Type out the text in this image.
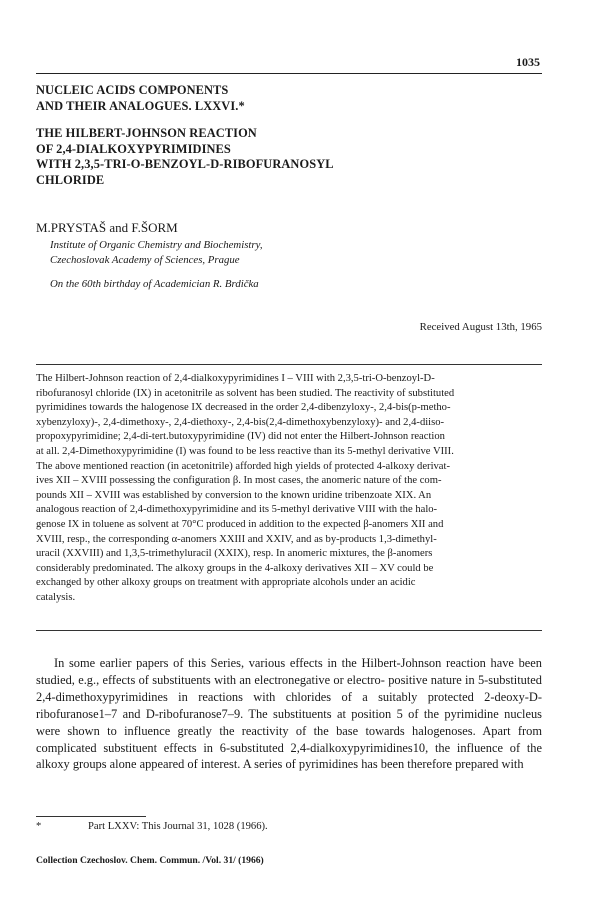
1035
NUCLEIC ACIDS COMPONENTS
AND THEIR ANALOGUES. LXXVI.*
THE HILBERT-JOHNSON REACTION
OF 2,4-DIALKOXYPYRIMIDINES
WITH 2,3,5-TRI-O-BENZOYL-D-RIBOFURANOSYL
CHLORIDE
M.PRYSTAŠ and F.ŠORM
Institute of Organic Chemistry and Biochemistry,
Czechoslovak Academy of Sciences, Prague
On the 60th birthday of Academician R. Brdička
Received August 13th, 1965
The Hilbert-Johnson reaction of 2,4-dialkoxypyrimidines I – VIII with 2,3,5-tri-O-benzoyl-D-
ribofuranosyl chloride (IX) in acetonitrile as solvent has been studied. The reactivity of substituted
pyrimidines towards the halogenose IX decreased in the order 2,4-dibenzyloxy-, 2,4-bis(p-metho-
xybenzyloxy)-, 2,4-dimethoxy-, 2,4-diethoxy-, 2,4-bis(2,4-dimethoxybenzyloxy)- and 2,4-diiso-
propoxypyrimidine; 2,4-di-tert.butoxypyrimidine (IV) did not enter the Hilbert-Johnson reaction
at all. 2,4-Dimethoxypyrimidine (I) was found to be less reactive than its 5-methyl derivative VIII.
The above mentioned reaction (in acetonitrile) afforded high yields of protected 4-alkoxy derivat-
ives XII – XVIII possessing the configuration β. In most cases, the anomeric nature of the com-
pounds XII – XVIII was established by conversion to the known uridine tribenzoate XIX. An
analogous reaction of 2,4-dimethoxypyrimidine and its 5-methyl derivative VIII with the halo-
genose IX in toluene as solvent at 70°C produced in addition to the expected β-anomers XII and
XVIII, resp., the corresponding α-anomers XXIII and XXIV, and as by-products 1,3-dimethyl-
uracil (XXVIII) and 1,3,5-trimethyluracil (XXIX), resp. In anomeric mixtures, the β-anomers
considerably predominated. The alkoxy groups in the 4-alkoxy derivatives XII – XV could be
exchanged by other alkoxy groups on treatment with appropriate alcohols under an acidic
catalysis.
In some earlier papers of this Series, various effects in the Hilbert-Johnson reaction have been studied, e.g., effects of substituents with an electronegative or electro- positive nature in 5-substituted 2,4-dimethoxypyrimidines in reactions with chlorides of a suitably protected 2-deoxy-D-ribofuranose1–7 and D-ribofuranose7–9. The substituents at position 5 of the pyrimidine nucleus were shown to influence greatly the reactivity of the base towards halogenoses. Apart from complicated substituent effects in 6-substituted 2,4-dialkoxypyrimidines10, the influence of the alkoxy groups alone appeared of interest. A series of pyrimidines has been therefore prepared with
*	Part LXXV: This Journal 31, 1028 (1966).
Collection Czechoslov. Chem. Commun. /Vol. 31/ (1966)
